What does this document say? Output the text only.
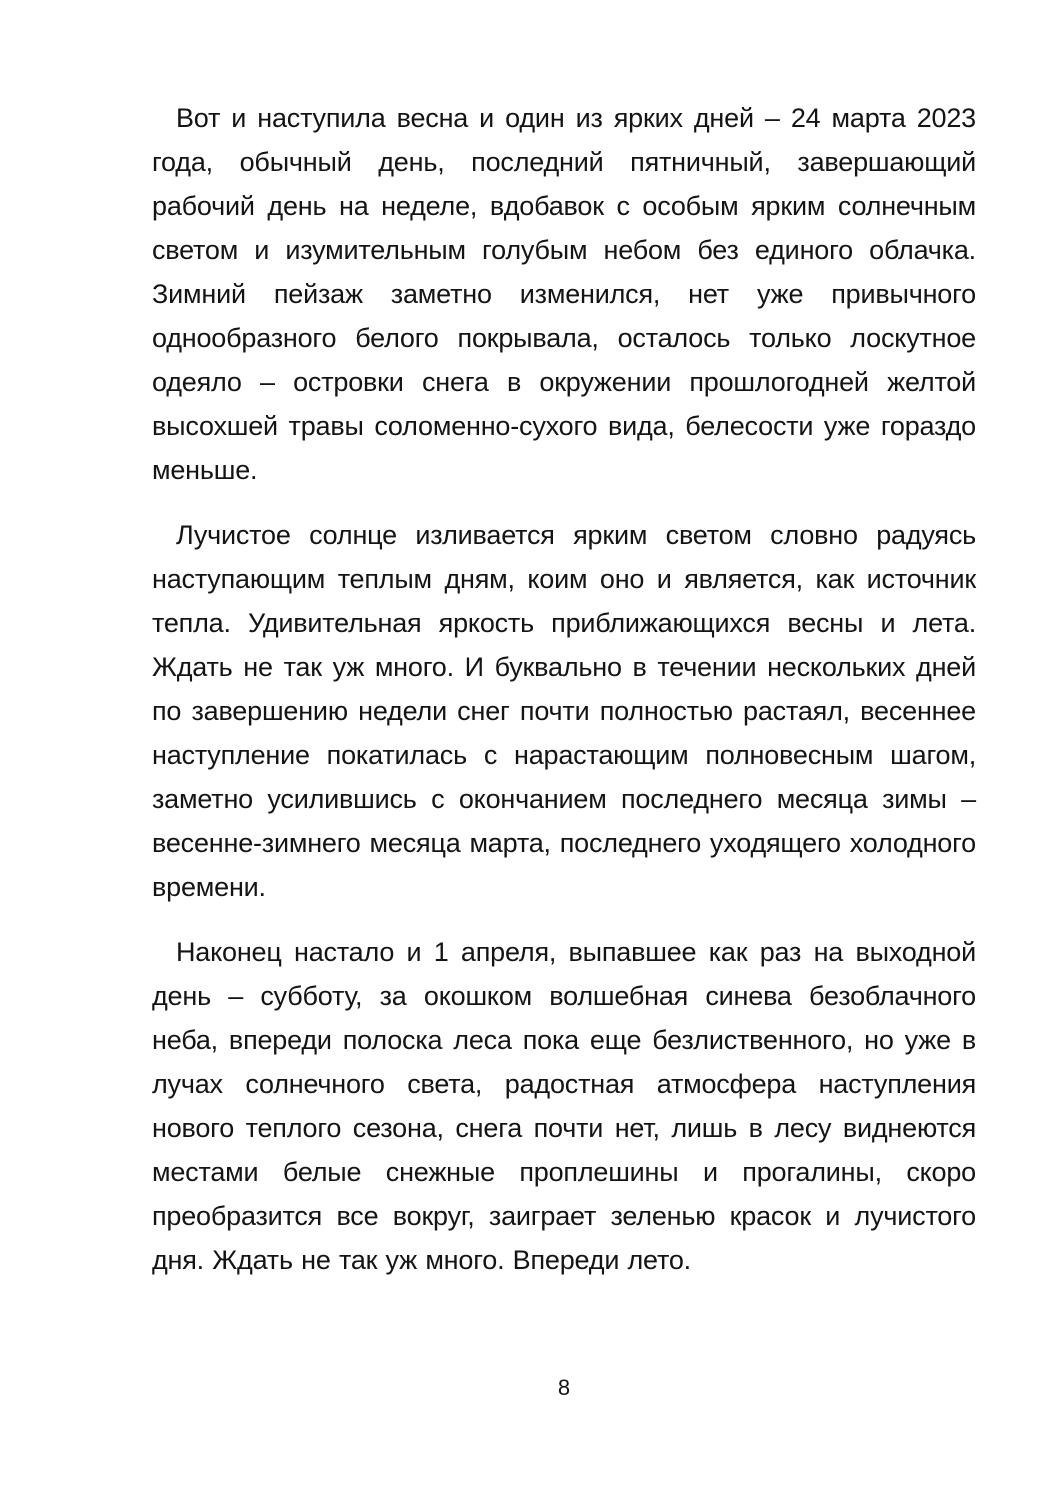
Вот и наступила весна и один из ярких дней – 24 марта 2023 года, обычный день, последний пятничный, завершающий рабочий день на неделе, вдобавок с особым ярким солнечным светом и изумительным голубым небом без единого облачка. Зимний пейзаж заметно изменился, нет уже привычного однообразного белого покрывала, осталось только лоскутное одеяло – островки снега в окружении прошлогодней желтой высохшей травы соломенно-сухого вида, белесости уже гораздо меньше.

Лучистое солнце изливается ярким светом словно радуясь наступающим теплым дням, коим оно и является, как источник тепла. Удивительная яркость приближающихся весны и лета. Ждать не так уж много. И буквально в течении нескольких дней по завершению недели снег почти полностью растаял, весеннее наступление покатилась с нарастающим полновесным шагом, заметно усилившись с окончанием последнего месяца зимы – весенне-зимнего месяца марта, последнего уходящего холодного времени.

Наконец настало и 1 апреля, выпавшее как раз на выходной день – субботу, за окошком волшебная синева безоблачного неба, впереди полоска леса пока еще безлиственного, но уже в лучах солнечного света, радостная атмосфера наступления нового теплого сезона, снега почти нет, лишь в лесу виднеются местами белые снежные проплешины и прогалины, скоро преобразится все вокруг, заиграет зеленью красок и лучистого дня. Ждать не так уж много. Впереди лето.

8
